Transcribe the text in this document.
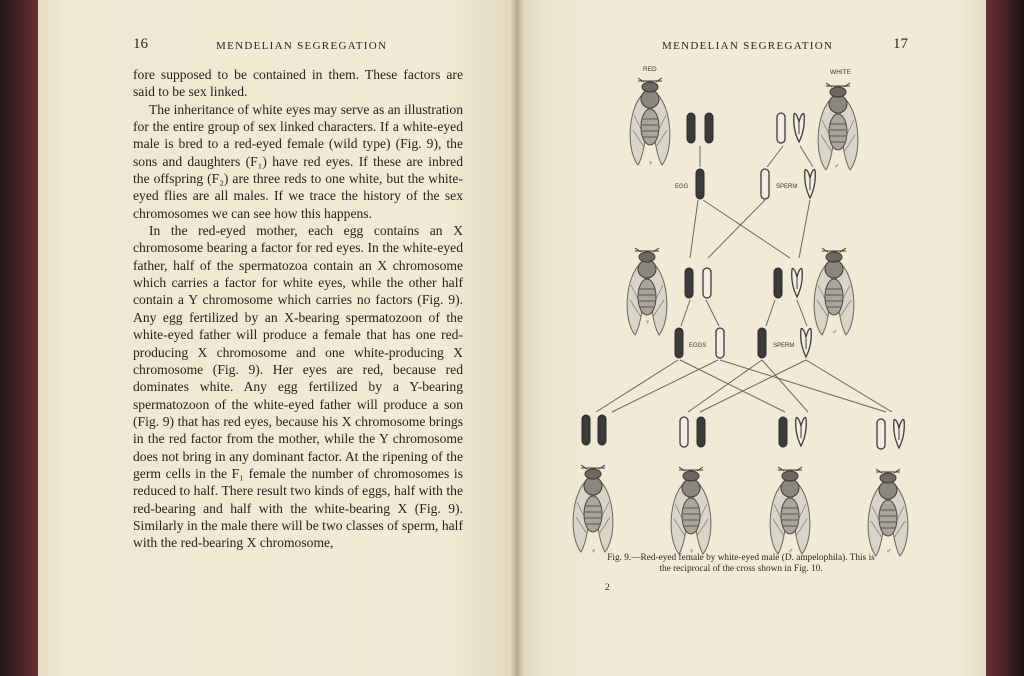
16	MENDELIAN SEGREGATION

fore supposed to be contained in them. These factors are said to be sex linked.

The inheritance of white eyes may serve as an illustration for the entire group of sex linked characters. If a white-eyed male is bred to a red-eyed female (wild type) (Fig. 9), the sons and daughters (F₁) have red eyes. If these are inbred the offspring (F₂) are three reds to one white, but the white-eyed flies are all males. If we trace the history of the sex chromosomes we can see how this happens.

In the red-eyed mother, each egg contains an X chromosome bearing a factor for red eyes. In the white-eyed father, half of the spermatozoa contain an X chromosome which carries a factor for white eyes, while the other half contain a Y chromosome which carries no factors (Fig. 9). Any egg fertilized by an X-bearing spermatozoon of the white-eyed father will produce a female that has one red-producing X chromosome and one white-producing X chromosome (Fig. 9). Her eyes are red, because red dominates white. Any egg fertilized by a Y-bearing spermatozoon of the white-eyed father will produce a son (Fig. 9) that has red eyes, because his X chromosome brings in the red factor from the mother, while the Y chromosome does not bring in any dominant factor. At the ripening of the germ cells in the F₁ female the number of chromosomes is reduced to half. There result two kinds of eggs, half with the red-bearing and half with the white-bearing X (Fig. 9). Similarly in the male there will be two classes of sperm, half with the red-bearing X chromosome,

MENDELIAN SEGREGATION	17
RED	WHITE
EGG	SPERM
EGGS	SPERM
♀	♂
♀
♂
♀	♀	♂	♂
Fig. 9.—Red-eyed female by white-eyed male (D. ampelophila). This is
the reciprocal of the cross shown in Fig. 10.
2
